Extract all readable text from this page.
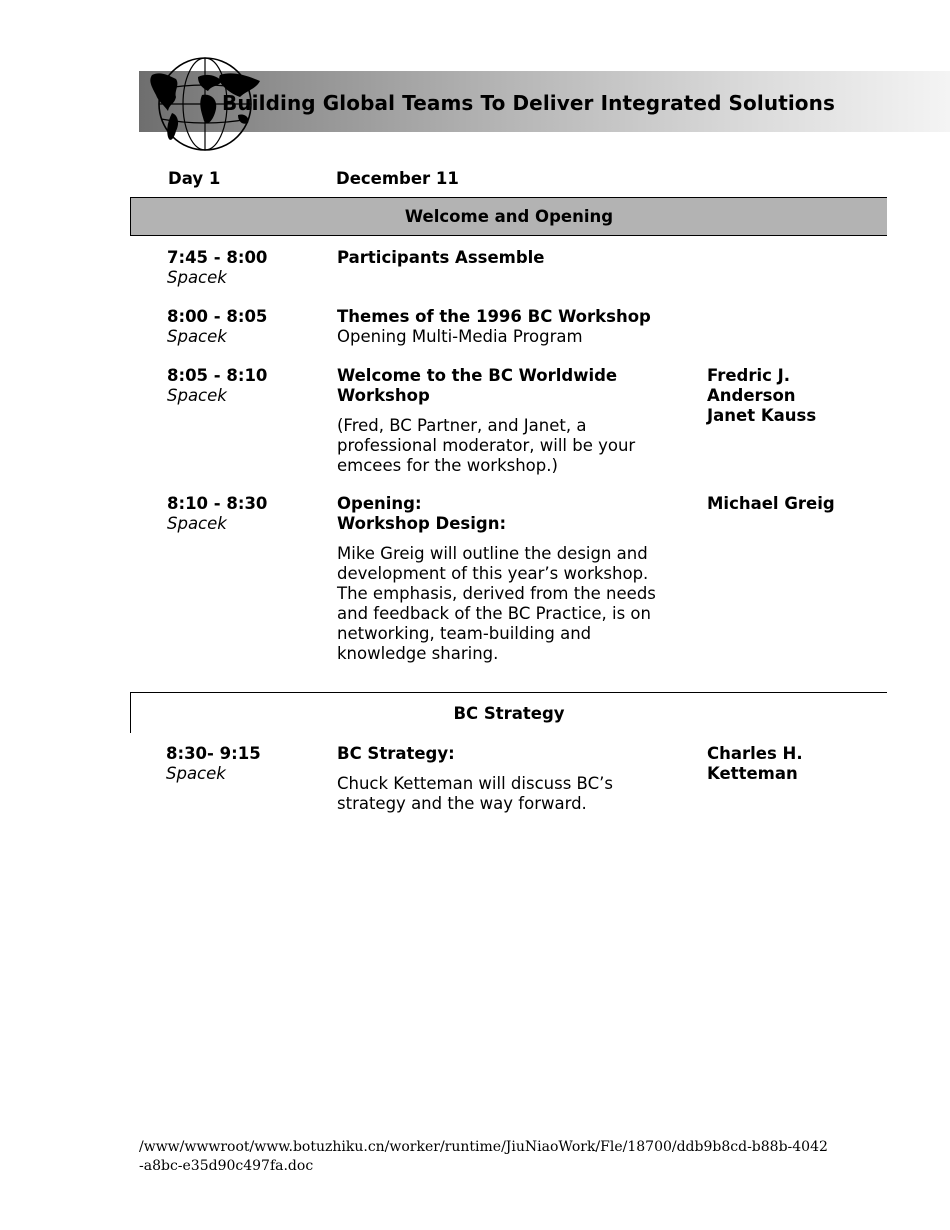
Building Global Teams To Deliver Integrated Solutions
Day 1	December 11
Welcome and Opening
7:45 - 8:00
Spacek
Participants Assemble
8:00 - 8:05
Spacek
Themes of the 1996 BC Workshop
Opening Multi-Media Program
8:05 - 8:10
Spacek
Welcome to the BC Worldwide
Workshop
(Fred, BC Partner, and Janet, a
professional moderator, will be your
emcees for the workshop.)
Fredric J.
Anderson
Janet Kauss
8:10 - 8:30
Spacek
Opening:
Workshop Design:
Mike Greig will outline the design and
development of this year’s workshop.
The emphasis, derived from the needs
and feedback of the BC Practice, is on
networking, team-building and
knowledge sharing.
Michael Greig
BC Strategy
8:30- 9:15
Spacek
BC Strategy:
Chuck Ketteman will discuss BC’s
strategy and the way forward.
Charles H.
Ketteman
/www/wwwroot/www.botuzhiku.cn/worker/runtime/JiuNiaoWork/Fle/18700/ddb9b8cd-b88b-4042-a8bc-e35d90c497fa.doc
